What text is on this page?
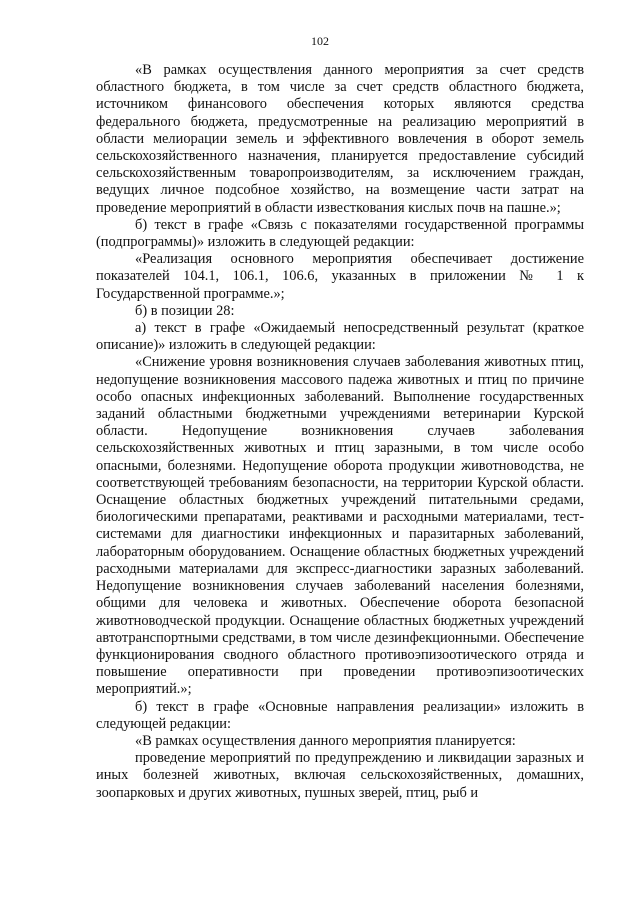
102

«В рамках осуществления данного мероприятия за счет средств областного бюджета, в том числе за счет средств областного бюджета, источником финансового обеспечения которых являются средства федерального бюджета, предусмотренные на реализацию мероприятий в области мелиорации земель и эффективного вовлечения в оборот земель сельскохозяйственного назначения, планируется предоставление субсидий сельскохозяйственным товаропроизводителям, за исключением граждан, ведущих личное подсобное хозяйство, на возмещение части затрат на проведение мероприятий в области известкования кислых почв на пашне.»;

б) текст в графе «Связь с показателями государственной программы (подпрограммы)» изложить в следующей редакции:

«Реализация основного мероприятия обеспечивает достижение показателей 104.1, 106.1, 106.6, указанных в приложении № 1 к Государственной программе.»;

б) в позиции 28:

а) текст в графе «Ожидаемый непосредственный результат (краткое описание)» изложить в следующей редакции:

«Снижение уровня возникновения случаев заболевания животных птиц, недопущение возникновения массового падежа животных и птиц по причине особо опасных инфекционных заболеваний. Выполнение государственных заданий областными бюджетными учреждениями ветеринарии Курской области. Недопущение возникновения случаев заболевания сельскохозяйственных животных и птиц заразными, в том числе особо опасными, болезнями. Недопущение оборота продукции животноводства, не соответствующей требованиям безопасности, на территории Курской области. Оснащение областных бюджетных учреждений питательными средами, биологическими препаратами, реактивами и расходными материалами, тест-системами для диагностики инфекционных и паразитарных заболеваний, лабораторным оборудованием. Оснащение областных бюджетных учреждений расходными материалами для экспресс-диагностики заразных заболеваний. Недопущение возникновения случаев заболеваний населения болезнями, общими для человека и животных. Обеспечение оборота безопасной животноводческой продукции. Оснащение областных бюджетных учреждений автотранспортными средствами, в том числе дезинфекционными. Обеспечение функционирования сводного областного противоэпизоотического отряда и повышение оперативности при проведении противоэпизоотических мероприятий.»;

б) текст в графе «Основные направления реализации» изложить в следующей редакции:

«В рамках осуществления данного мероприятия планируется:

проведение мероприятий по предупреждению и ликвидации заразных и иных болезней животных, включая сельскохозяйственных, домашних, зоопарковых и других животных, пушных зверей, птиц, рыб и
